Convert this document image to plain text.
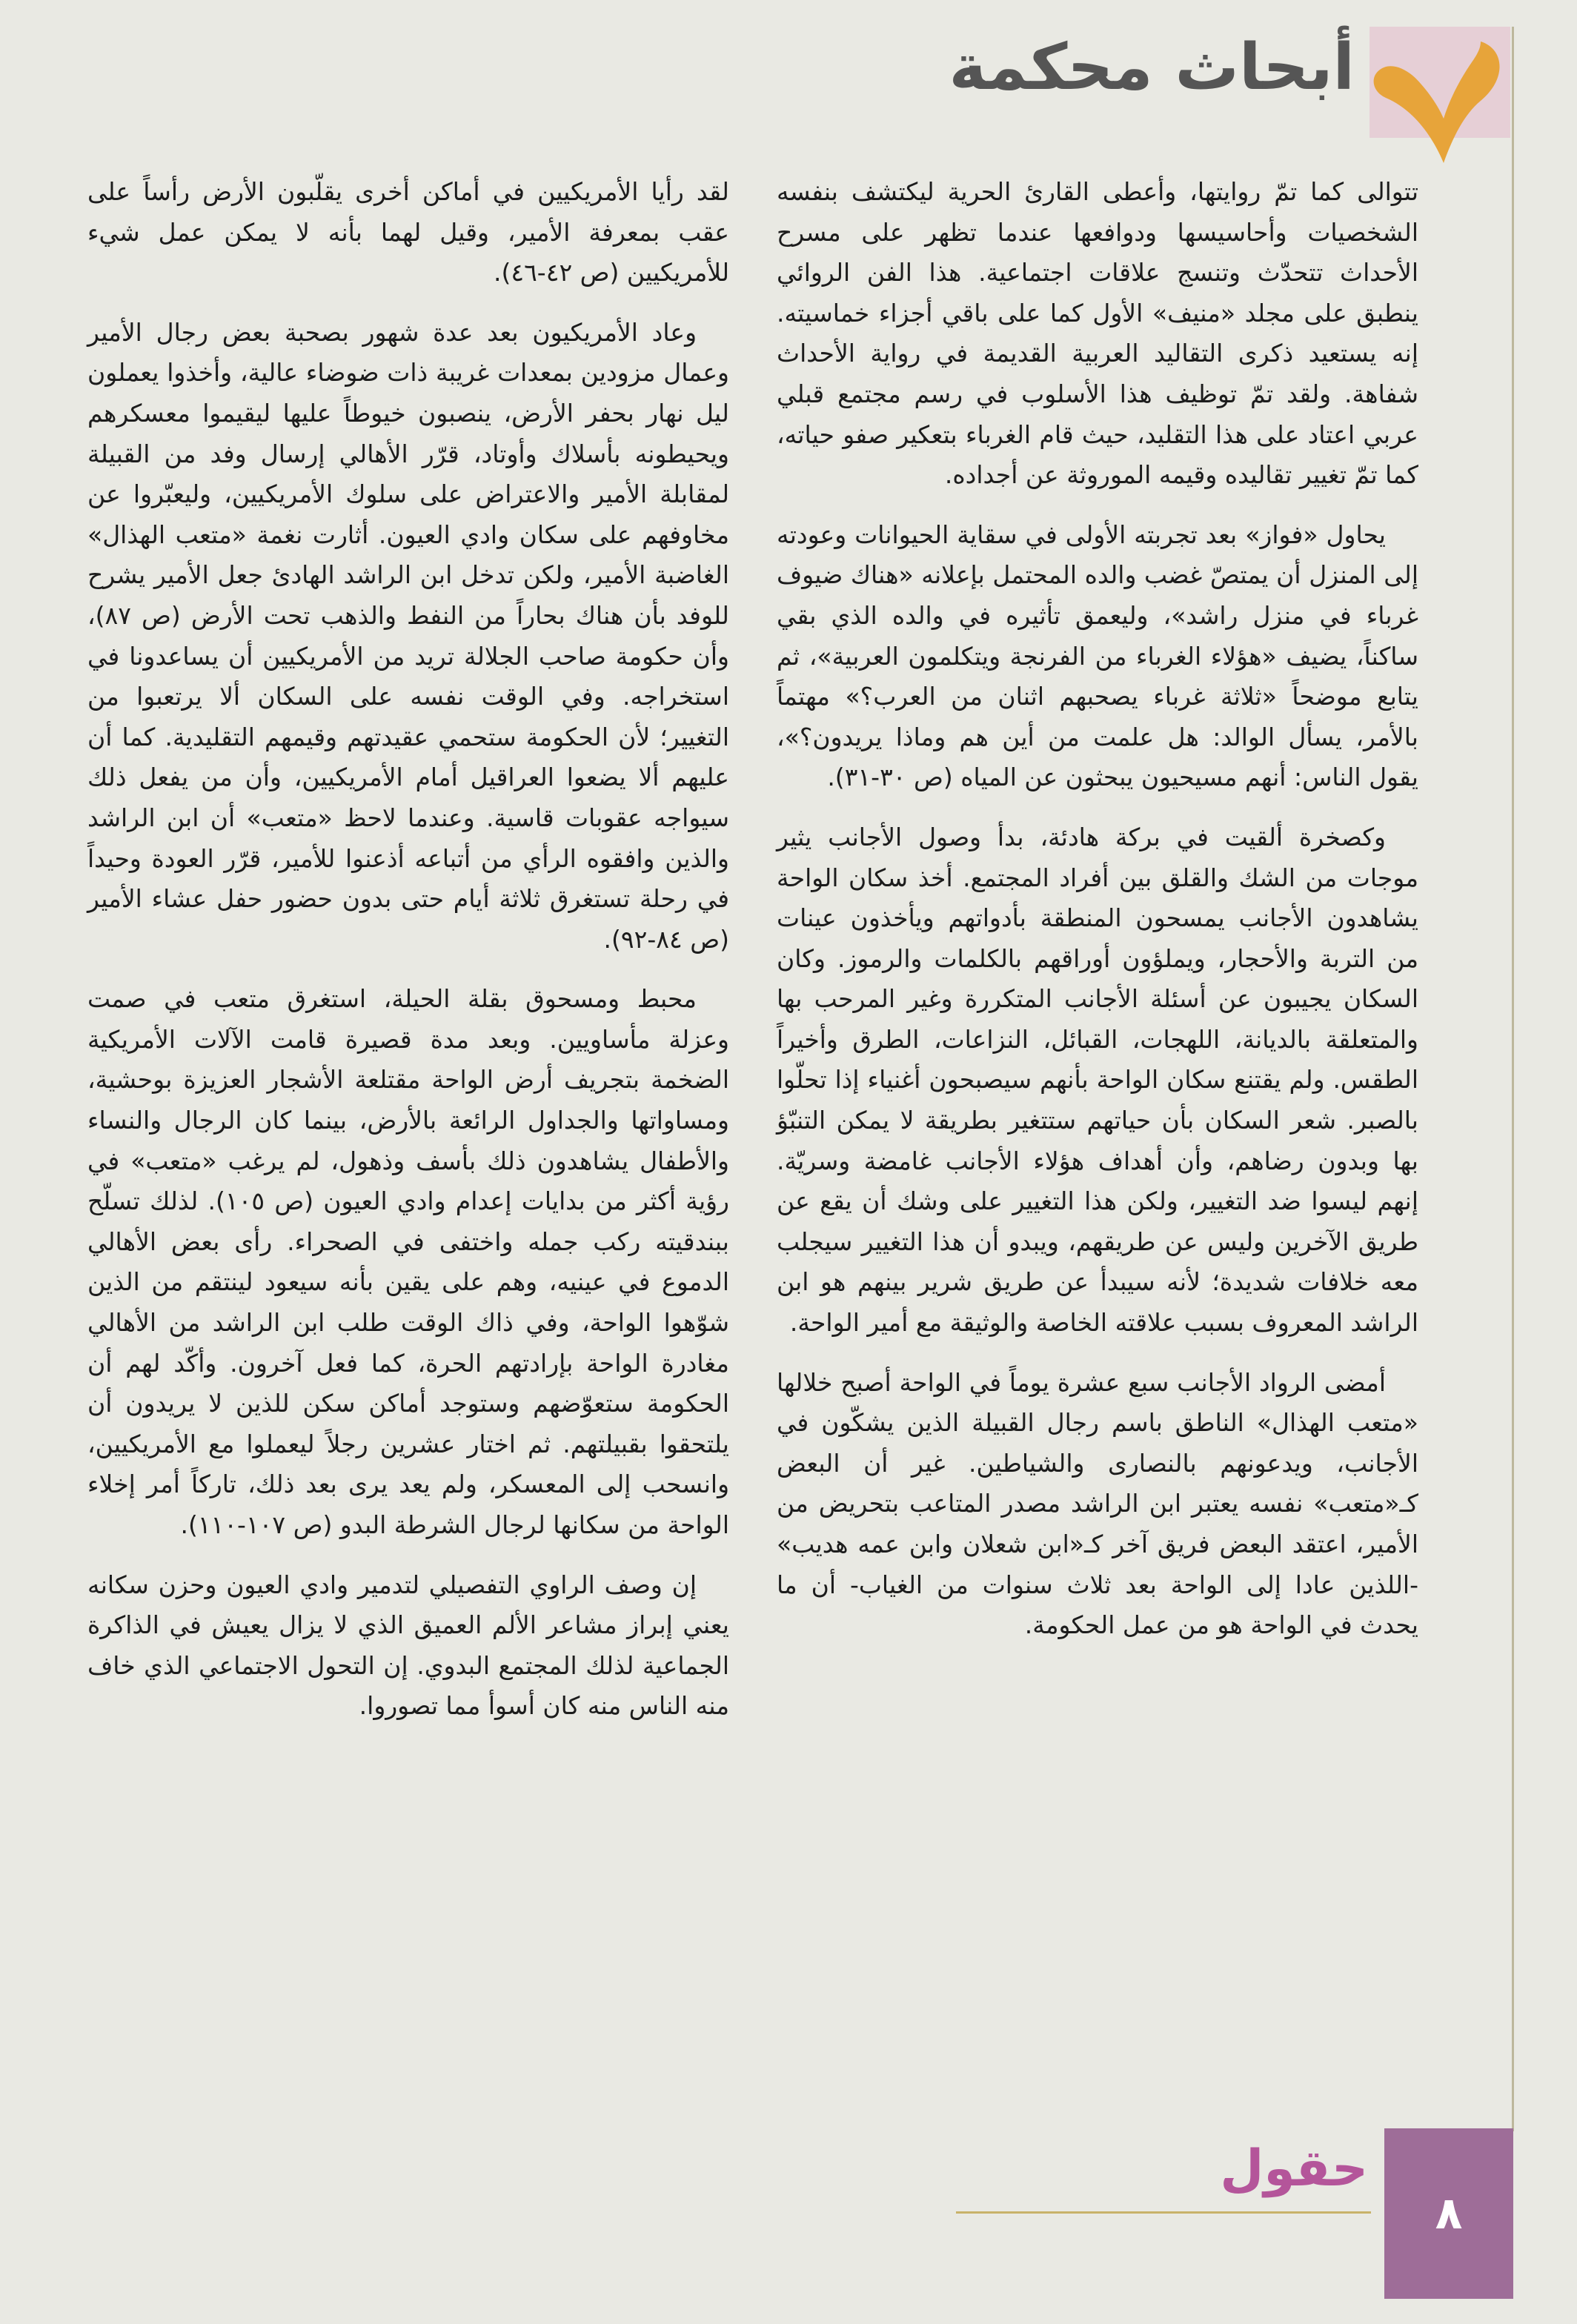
أبحاث محكمة

تتوالى كما تمّ روايتها، وأعطى القارئ الحرية ليكتشف بنفسه الشخصيات وأحاسيسها ودوافعها عندما تظهر على مسرح الأحداث تتحدّث وتنسج علاقات اجتماعية. هذا الفن الروائي ينطبق على مجلد «منيف» الأول كما على باقي أجزاء خماسيته. إنه يستعيد ذكرى التقاليد العربية القديمة في رواية الأحداث شفاهة. ولقد تمّ توظيف هذا الأسلوب في رسم مجتمع قبلي عربي اعتاد على هذا التقليد، حيث قام الغرباء بتعكير صفو حياته، كما تمّ تغيير تقاليده وقيمه الموروثة عن أجداده.

يحاول «فواز» بعد تجربته الأولى في سقاية الحيوانات وعودته إلى المنزل أن يمتصّ غضب والده المحتمل بإعلانه «هناك ضيوف غرباء في منزل راشد»، وليعمق تأثيره في والده الذي بقي ساكناً، يضيف «هؤلاء الغرباء من الفرنجة ويتكلمون العربية»، ثم يتابع موضحاً «ثلاثة غرباء يصحبهم اثنان من العرب؟» مهتماً بالأمر، يسأل الوالد: هل علمت من أين هم وماذا يريدون؟»، يقول الناس: أنهم مسيحيون يبحثون عن المياه (ص ٣٠-٣١).

وكصخرة ألقيت في بركة هادئة، بدأ وصول الأجانب يثير موجات من الشك والقلق بين أفراد المجتمع. أخذ سكان الواحة يشاهدون الأجانب يمسحون المنطقة بأدواتهم ويأخذون عينات من التربة والأحجار، ويملؤون أوراقهم بالكلمات والرموز. وكان السكان يجيبون عن أسئلة الأجانب المتكررة وغير المرحب بها والمتعلقة بالديانة، اللهجات، القبائل، النزاعات، الطرق وأخيراً الطقس. ولم يقتنع سكان الواحة بأنهم سيصبحون أغنياء إذا تحلّوا بالصبر. شعر السكان بأن حياتهم ستتغير بطريقة لا يمكن التنبّؤ بها وبدون رضاهم، وأن أهداف هؤلاء الأجانب غامضة وسريّة. إنهم ليسوا ضد التغيير، ولكن هذا التغيير على وشك أن يقع عن طريق الآخرين وليس عن طريقهم، ويبدو أن هذا التغيير سيجلب معه خلافات شديدة؛ لأنه سيبدأ عن طريق شرير بينهم هو ابن الراشد المعروف بسبب علاقته الخاصة والوثيقة مع أمير الواحة.

أمضى الرواد الأجانب سبع عشرة يوماً في الواحة أصبح خلالها «متعب الهذال» الناطق باسم رجال القبيلة الذين يشكّون في الأجانب، ويدعونهم بالنصارى والشياطين. غير أن البعض كـ«متعب» نفسه يعتبر ابن الراشد مصدر المتاعب بتحريض من الأمير، اعتقد البعض فريق آخر كـ«ابن شعلان وابن عمه هديب» -اللذين عادا إلى الواحة بعد ثلاث سنوات من الغياب- أن ما يحدث في الواحة هو من عمل الحكومة.

لقد رأيا الأمريكيين في أماكن أخرى يقلّبون الأرض رأساً على عقب بمعرفة الأمير، وقيل لهما بأنه لا يمكن عمل شيء للأمريكيين (ص ٤٢-٤٦).

وعاد الأمريكيون بعد عدة شهور بصحبة بعض رجال الأمير وعمال مزودين بمعدات غريبة ذات ضوضاء عالية، وأخذوا يعملون ليل نهار بحفر الأرض، ينصبون خيوطاً عليها ليقيموا معسكرهم ويحيطونه بأسلاك وأوتاد، قرّر الأهالي إرسال وفد من القبيلة لمقابلة الأمير والاعتراض على سلوك الأمريكيين، وليعبّروا عن مخاوفهم على سكان وادي العيون. أثارت نغمة «متعب الهذال» الغاضبة الأمير، ولكن تدخل ابن الراشد الهادئ جعل الأمير يشرح للوفد بأن هناك بحاراً من النفط والذهب تحت الأرض (ص ٨٧)، وأن حكومة صاحب الجلالة تريد من الأمريكيين أن يساعدونا في استخراجه. وفي الوقت نفسه على السكان ألا يرتعبوا من التغيير؛ لأن الحكومة ستحمي عقيدتهم وقيمهم التقليدية. كما أن عليهم ألا يضعوا العراقيل أمام الأمريكيين، وأن من يفعل ذلك سيواجه عقوبات قاسية. وعندما لاحظ «متعب» أن ابن الراشد والذين وافقوه الرأي من أتباعه أذعنوا للأمير، قرّر العودة وحيداً في رحلة تستغرق ثلاثة أيام حتى بدون حضور حفل عشاء الأمير (ص ٨٤-٩٢).

محبط ومسحوق بقلة الحيلة، استغرق متعب في صمت وعزلة مأساويين. وبعد مدة قصيرة قامت الآلات الأمريكية الضخمة بتجريف أرض الواحة مقتلعة الأشجار العزيزة بوحشية، ومساواتها والجداول الرائعة بالأرض، بينما كان الرجال والنساء والأطفال يشاهدون ذلك بأسف وذهول، لم يرغب «متعب» في رؤية أكثر من بدايات إعدام وادي العيون (ص ١٠٥). لذلك تسلّح ببندقيته ركب جمله واختفى في الصحراء. رأى بعض الأهالي الدموع في عينيه، وهم على يقين بأنه سيعود لينتقم من الذين شوّهوا الواحة، وفي ذاك الوقت طلب ابن الراشد من الأهالي مغادرة الواحة بإرادتهم الحرة، كما فعل آخرون. وأكّد لهم أن الحكومة ستعوّضهم وستوجد أماكن سكن للذين لا يريدون أن يلتحقوا بقبيلتهم. ثم اختار عشرين رجلاً ليعملوا مع الأمريكيين، وانسحب إلى المعسكر، ولم يعد يرى بعد ذلك، تاركاً أمر إخلاء الواحة من سكانها لرجال الشرطة البدو (ص ١٠٧-١١٠).

إن وصف الراوي التفصيلي لتدمير وادي العيون وحزن سكانه يعني إبراز مشاعر الألم العميق الذي لا يزال يعيش في الذاكرة الجماعية لذلك المجتمع البدوي. إن التحول الاجتماعي الذي خاف منه الناس منه كان أسوأ مما تصوروا.

حقول
٨
